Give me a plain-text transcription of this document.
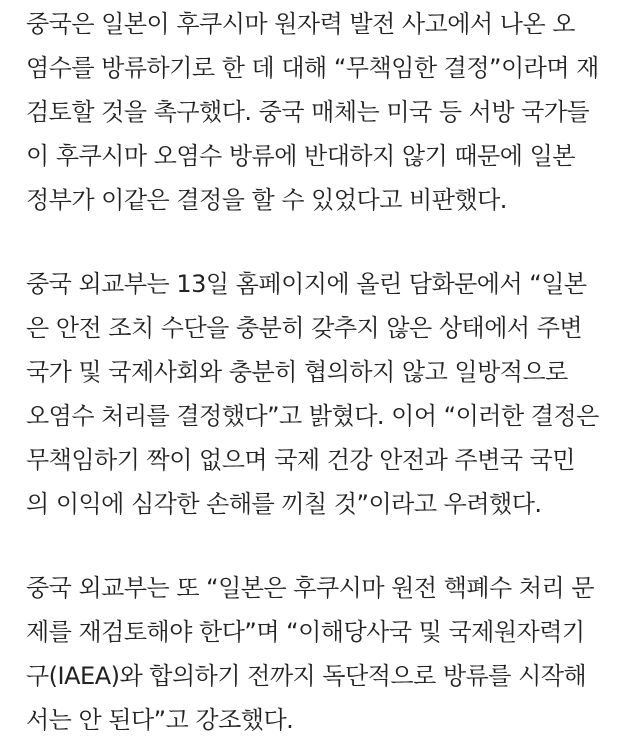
중국은 일본이 후쿠시마 원자력 발전 사고에서 나온 오
염수를 방류하기로 한 데 대해 “무책임한 결정”이라며 재
검토할 것을 촉구했다. 중국 매체는 미국 등 서방 국가들
이 후쿠시마 오염수 방류에 반대하지 않기 때문에 일본
정부가 이같은 결정을 할 수 있었다고 비판했다.

중국 외교부는 13일 홈페이지에 올린 담화문에서 “일본
은 안전 조치 수단을 충분히 갖추지 않은 상태에서 주변
국가 및 국제사회와 충분히 협의하지 않고 일방적으로
오염수 처리를 결정했다”고 밝혔다. 이어 “이러한 결정은
무책임하기 짝이 없으며 국제 건강 안전과 주변국 국민
의 이익에 심각한 손해를 끼칠 것”이라고 우려했다.

중국 외교부는 또 “일본은 후쿠시마 원전 핵폐수 처리 문
제를 재검토해야 한다”며 “이해당사국 및 국제원자력기
구(IAEA)와 합의하기 전까지 독단적으로 방류를 시작해
서는 안 된다”고 강조했다.
